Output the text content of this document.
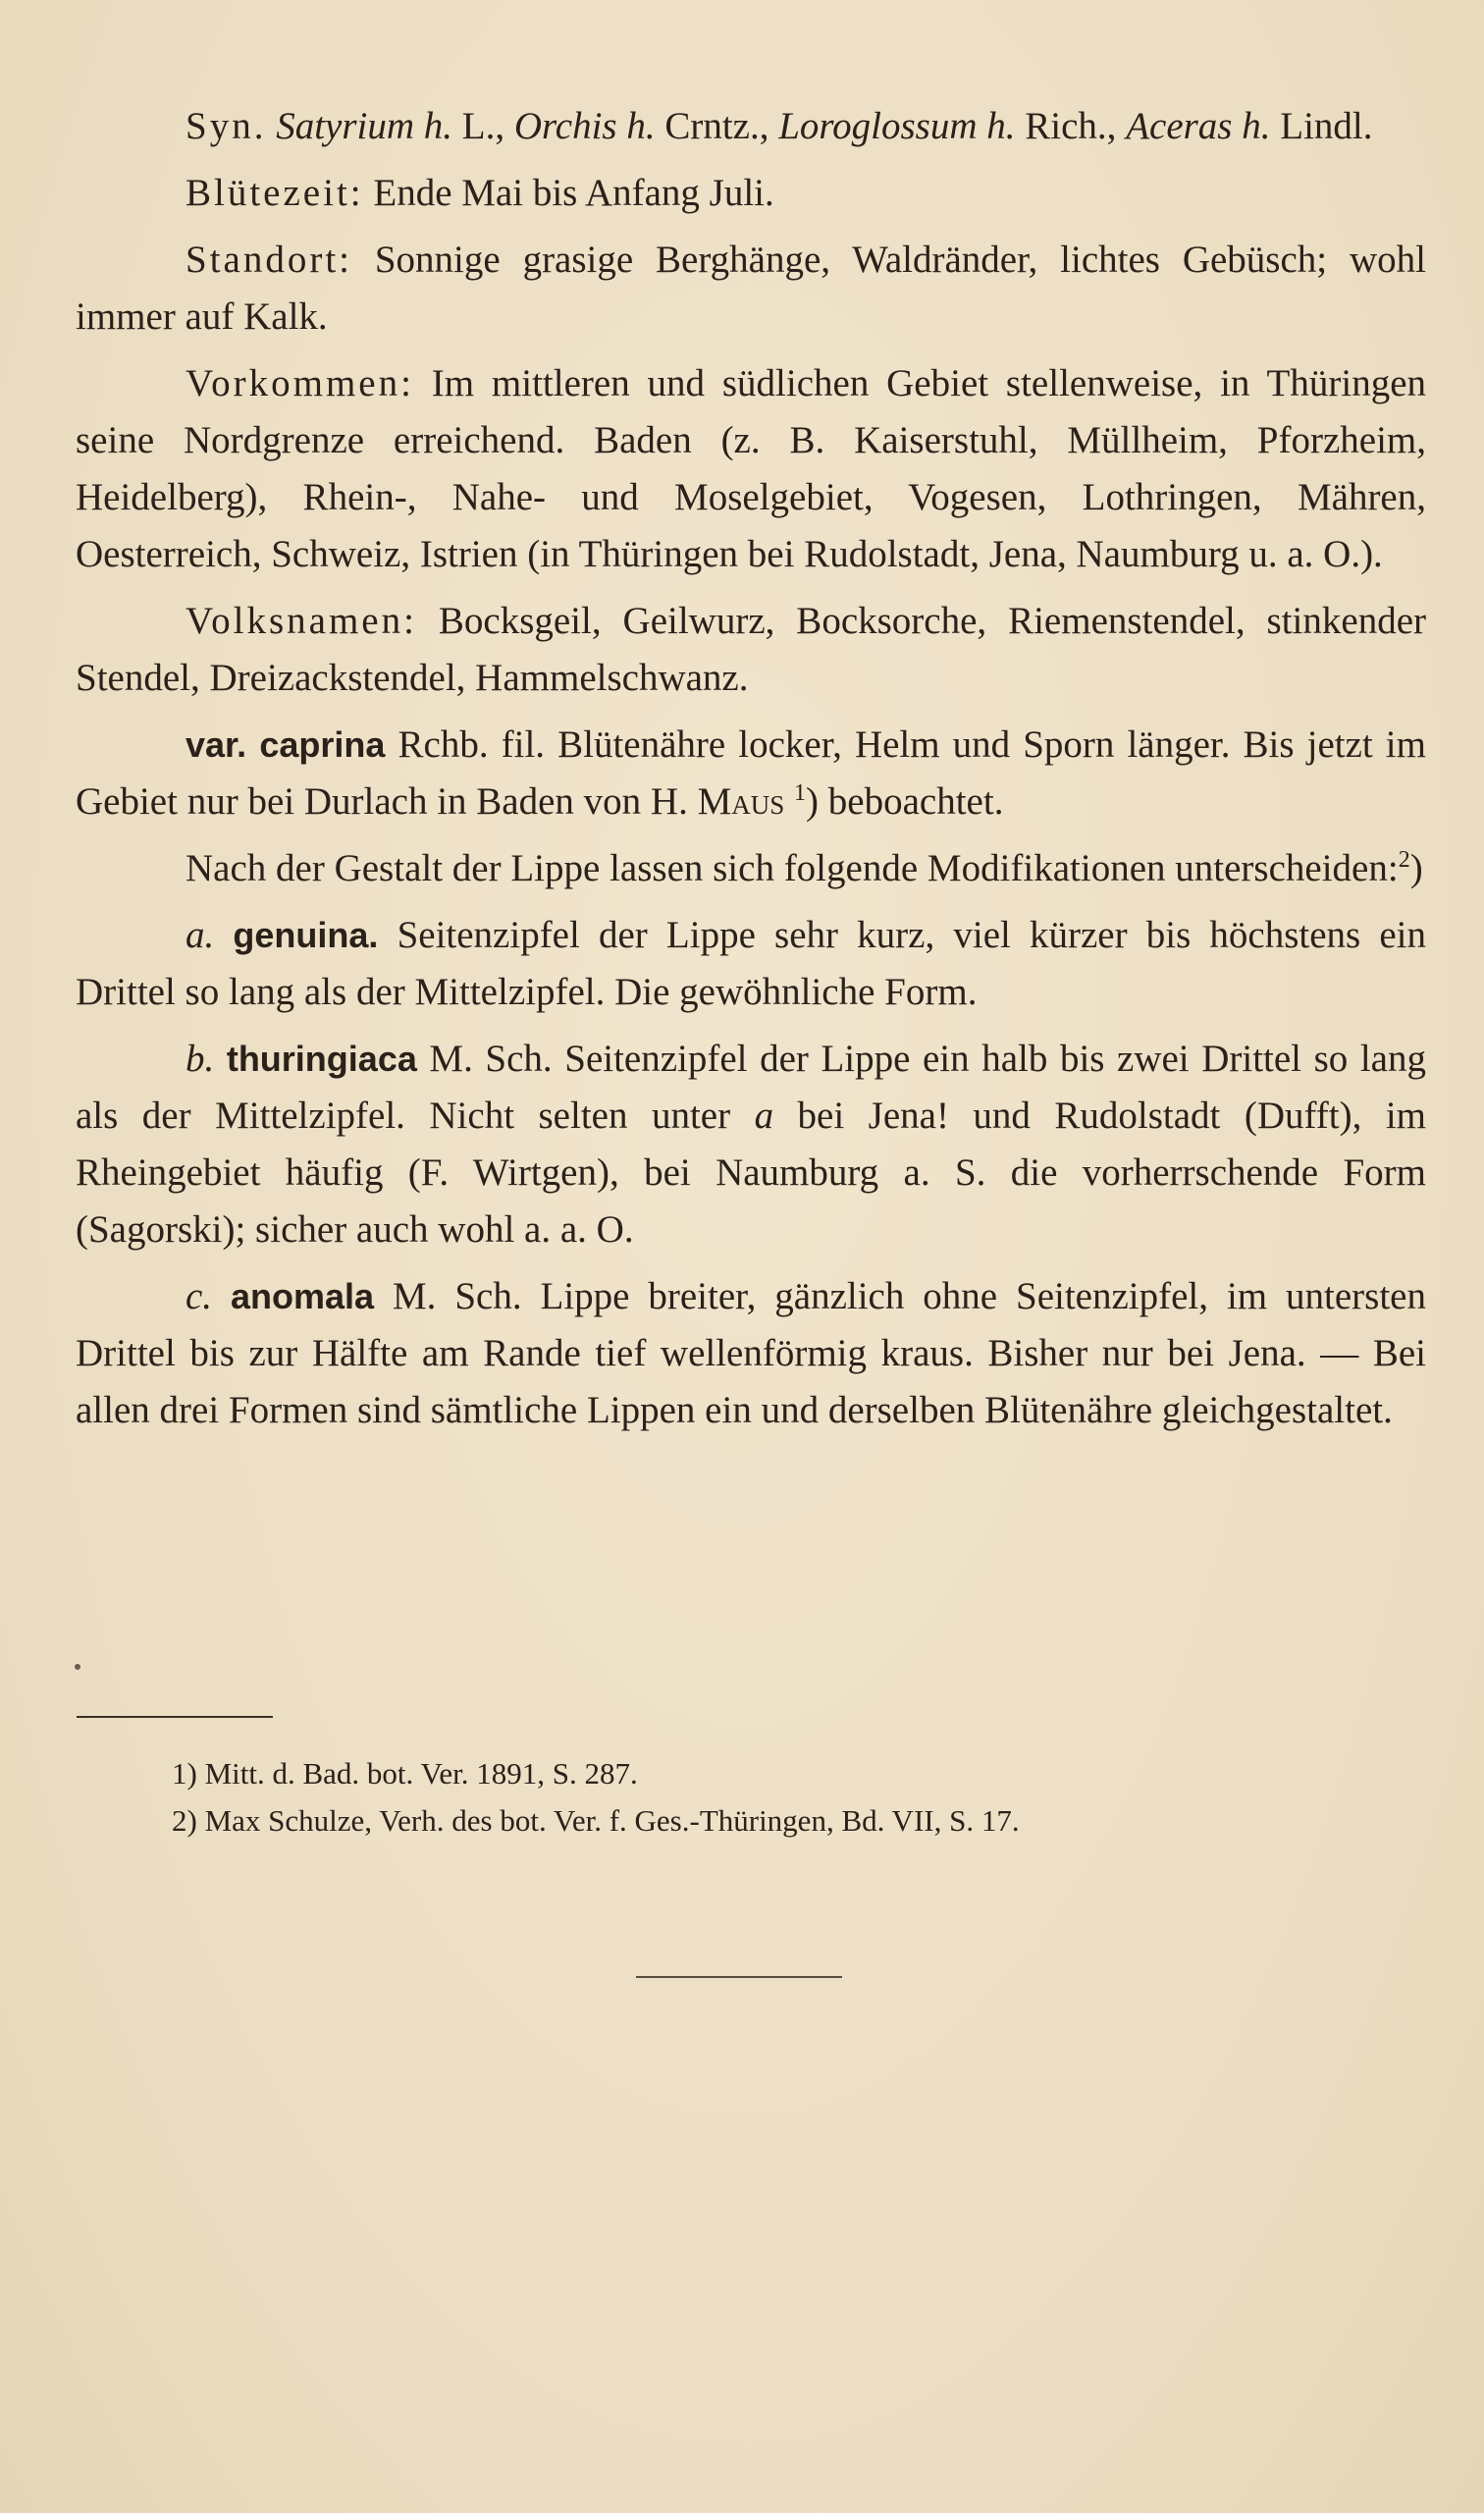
Syn. Satyrium h. L., Orchis h. Crntz., Loroglossum h. Rich., Aceras h. Lindl.

Blütezeit: Ende Mai bis Anfang Juli.

Standort: Sonnige grasige Berghänge, Waldränder, lichtes Gebüsch; wohl immer auf Kalk.

Vorkommen: Im mittleren und südlichen Gebiet stellenweise, in Thüringen seine Nordgrenze erreichend. Baden (z. B. Kaiserstuhl, Müllheim, Pforzheim, Heidelberg), Rhein-, Nahe- und Moselgebiet, Vogesen, Lothringen, Mähren, Oesterreich, Schweiz, Istrien (in Thüringen bei Rudolstadt, Jena, Naumburg u. a. O.).

Volksnamen: Bocksgeil, Geilwurz, Bocksorche, Riemenstendel, stinkender Stendel, Dreizackstendel, Hammelschwanz.

var. caprina Rchb. fil. Blütenähre locker, Helm und Sporn länger. Bis jetzt im Gebiet nur bei Durlach in Baden von H. Maus $^1$) beboachtet.

Nach der Gestalt der Lippe lassen sich folgende Modifikationen unterscheiden:$^2$)

a. genuina. Seitenzipfel der Lippe sehr kurz, viel kürzer bis höchstens ein Drittel so lang als der Mittelzipfel. Die gewöhnliche Form.

b. thuringiaca M. Sch. Seitenzipfel der Lippe ein halb bis zwei Drittel so lang als der Mittelzipfel. Nicht selten unter a bei Jena! und Rudolstadt (Dufft), im Rheingebiet häufig (F. Wirtgen), bei Naumburg a. S. die vorherrschende Form (Sagorski); sicher auch wohl a. a. O.

c. anomala M. Sch. Lippe breiter, gänzlich ohne Seitenzipfel, im untersten Drittel bis zur Hälfte am Rande tief wellenförmig kraus. Bisher nur bei Jena. — Bei allen drei Formen sind sämtliche Lippen ein und derselben Blütenähre gleichgestaltet.

1) Mitt. d. Bad. bot. Ver. 1891, S. 287.

2) Max Schulze, Verh. des bot. Ver. f. Ges.-Thüringen, Bd. VII, S. 17.
